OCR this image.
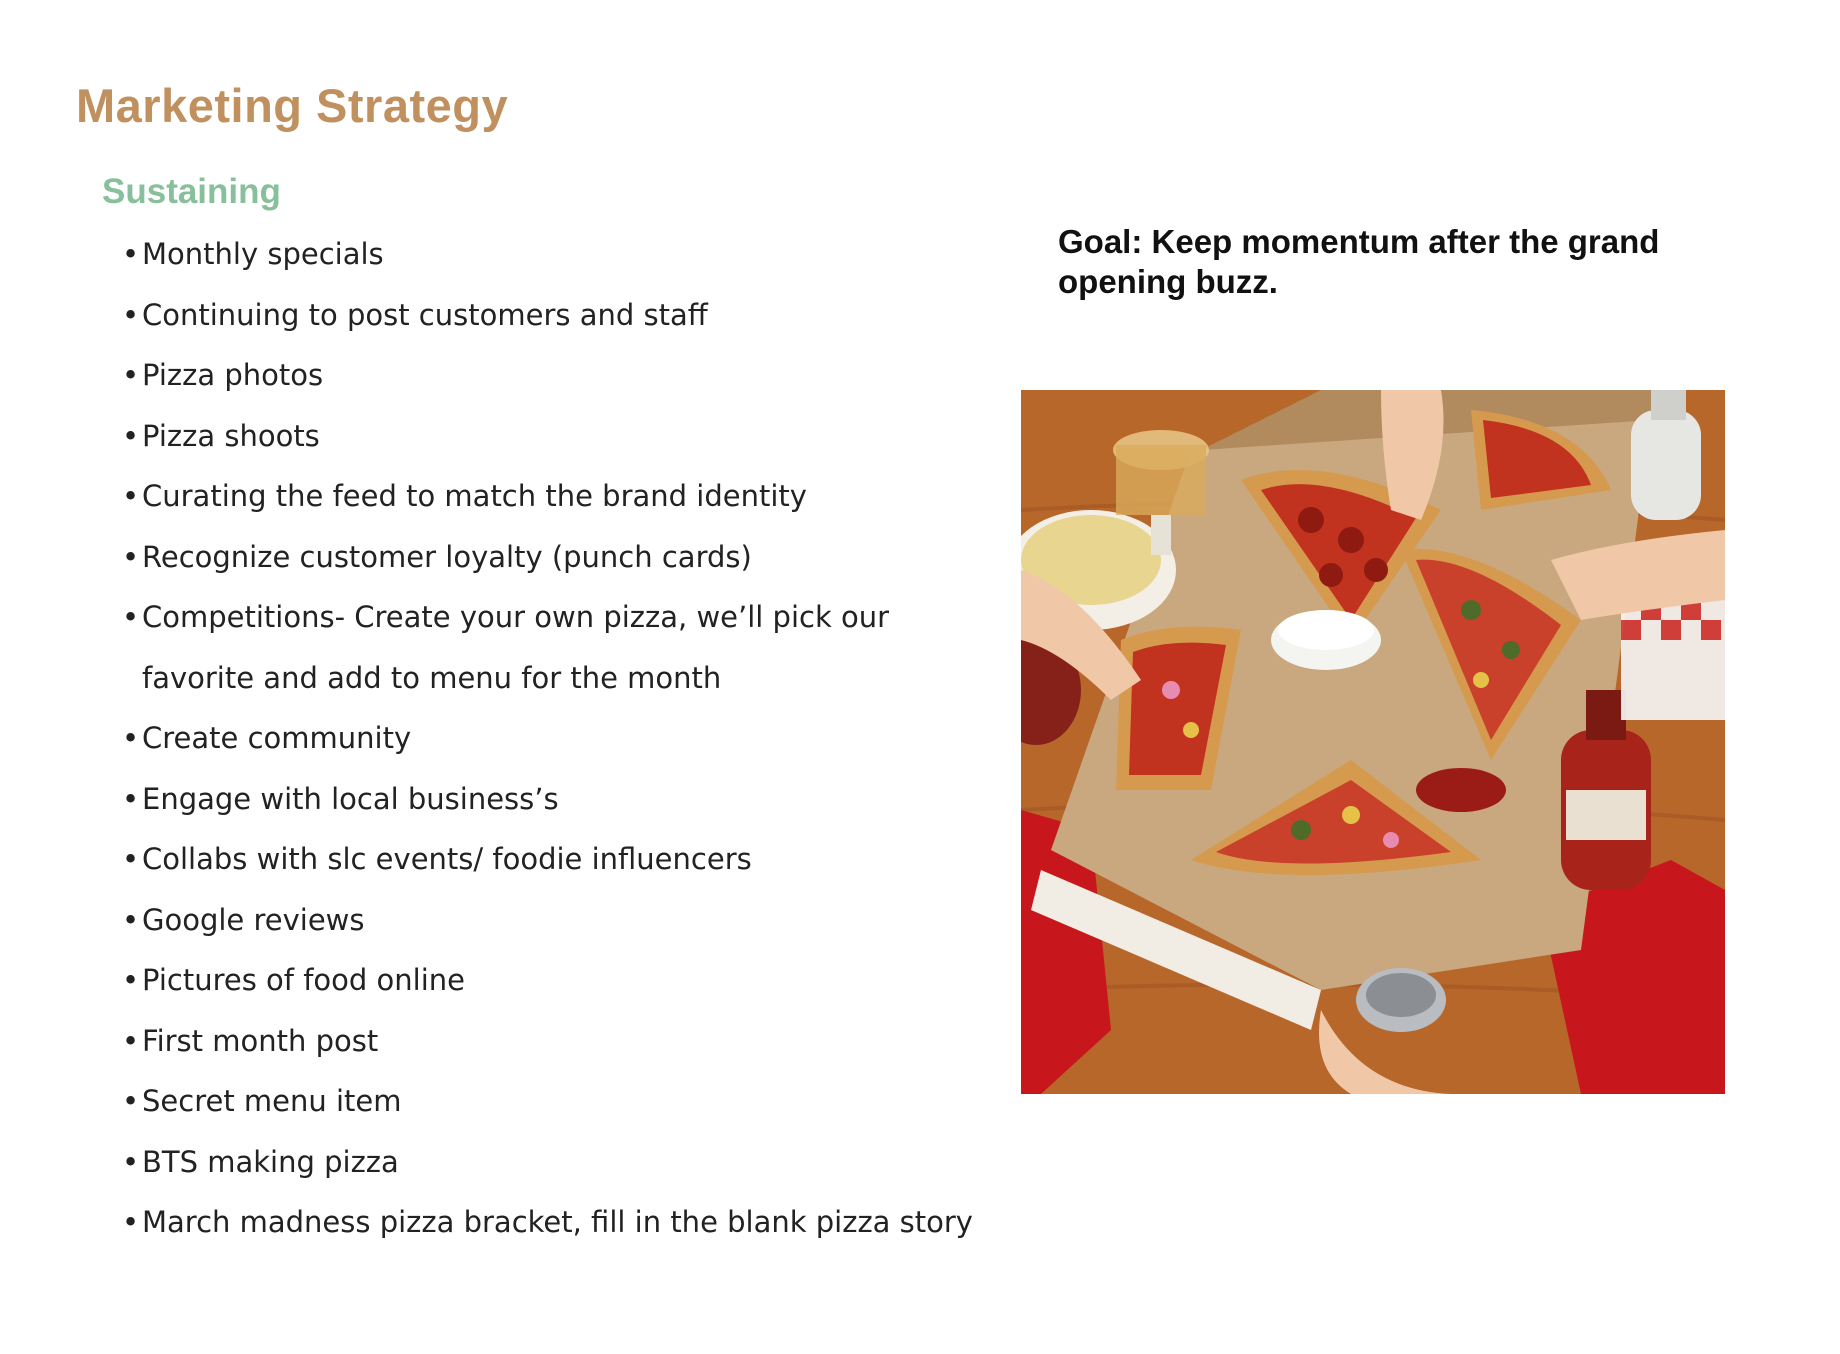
Marketing Strategy
Sustaining
• Monthly specials
• Continuing to post customers and staff
• Pizza photos
• Pizza shoots
• Curating the feed to match the brand identity
• Recognize customer loyalty (punch cards)
• Competitions- Create your own pizza, we’ll pick our favorite and add to menu for the month
• Create community
• Engage with local business’s
• Collabs with slc events/ foodie influencers
• Google reviews
• Pictures of food online
• First month post
• Secret menu item
• BTS making pizza
• March madness pizza bracket, fill in the blank pizza story

Goal: Keep momentum after the grand opening buzz.
